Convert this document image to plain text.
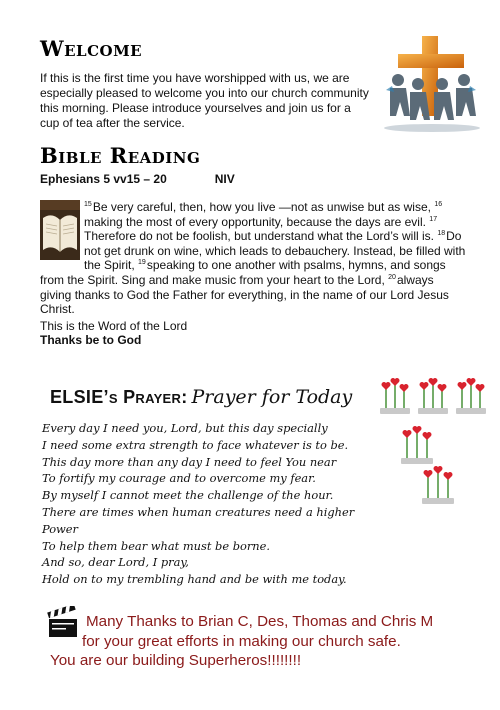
Welcome
If this is the first time you have worshipped with us, we are especially pleased to welcome you into our church community this morning. Please introduce yourselves and join us for a cup of tea after the service.
Bible Reading
Ephesians 5 vv15 – 20	NIV
$^{15}$ Be very careful, then, how you live —not as unwise but as wise, $^{16}$ making the most of every opportunity, because the days are evil. $^{17}$ Therefore do not be foolish, but understand what the Lord’s will is. $^{18}$ Do not get drunk on wine, which leads to debauchery. Instead, be filled with the Spirit, $^{19}$ speaking to one another with psalms, hymns, and songs from the Spirit. Sing and make music from your heart to the Lord, $^{20}$ always giving thanks to God the Father for everything, in the name of our Lord Jesus Christ.
This is the Word of the Lord
Thanks be to God
ELSIE’s Prayer: Prayer for Today
Every day I need you, Lord, but this day specially
I need some extra strength to face whatever is to be.
This day more than any day I need to feel You near
To fortify my courage and to overcome my fear.
By myself I cannot meet the challenge of the hour.
There are times when human creatures need a higher
Power
To help them bear what must be borne.
And so, dear Lord, I pray,
Hold on to my trembling hand and be with me today.
Many Thanks to Brian C, Des, Thomas and Chris M
for your great efforts in making our church safe.
You are our building Superheros!!!!!!!!
